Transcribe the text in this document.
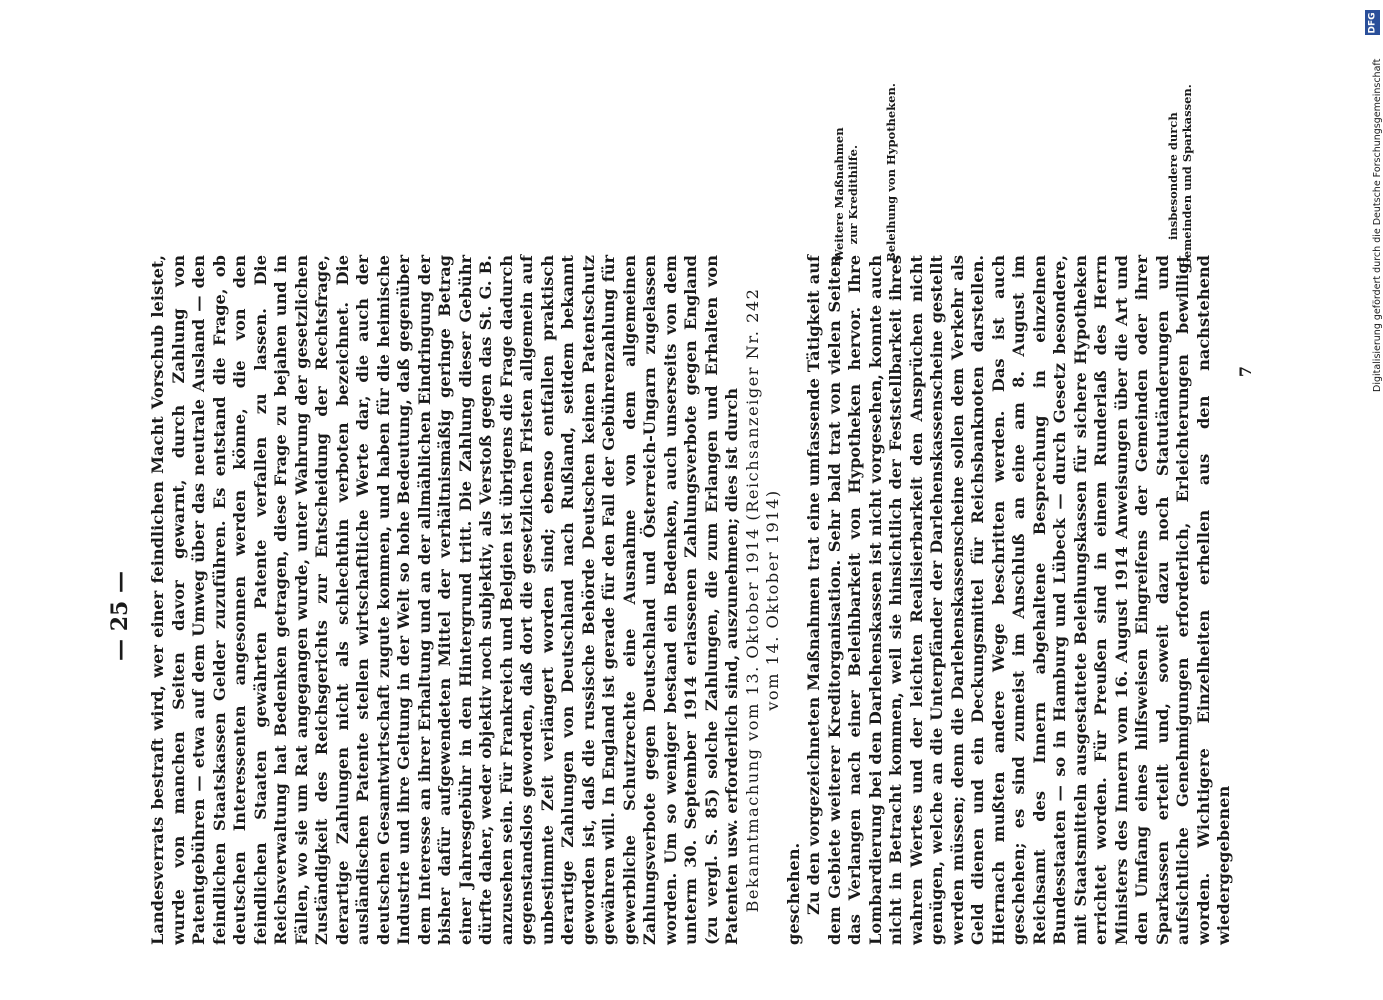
— 25 — Landesverrats bestraft wird, wer einer feindlichen Macht Vorschub leistet, wurde von manchen Seiten davor gewarnt, durch Zahlung von Patentgebühren — etwa auf dem Umweg über das neutrale Ausland — den feindlichen Staatskassen Gelder zuzuführen. Es entstand die Frage, ob deutschen Interessenten angesonnen werden könne, die von den feindlichen Staaten gewährten Patente verfallen zu lassen. Die Reichsverwaltung hat Bedenken getragen, diese Frage zu bejahen und in Fällen, wo sie um Rat angegangen wurde, unter Wahrung der gesetzlichen Zuständigkeit des Reichsgerichts zur Entscheidung der Rechtsfrage, derartige Zahlungen nicht als schlechthin verboten bezeichnet. Die ausländischen Patente stellen wirtschaftliche Werte dar, die auch der deutschen Gesamtwirtschaft zugute kommen, und haben für die heimische Industrie und ihre Geltung in der Welt so hohe Bedeutung, daß gegenüber dem Interesse an ihrer Erhaltung und an der allmählichen Eindringung der bisher dafür aufgewendeten Mittel der verhältnismäßig geringe Betrag einer Jahresgebühr in den Hintergrund tritt. Die Zahlung dieser Gebühr dürfte daher, weder objektiv noch subjektiv, als Verstoß gegen das St. G. B. anzusehen sein. Für Frankreich und Belgien ist übrigens die Frage dadurch gegenstandslos geworden, daß dort die gesetzlichen Fristen allgemein auf unbestimmte Zeit verlängert worden sind; ebenso entfallen praktisch derartige Zahlungen von Deutschland nach Rußland, seitdem bekannt geworden ist, daß die russische Behörde Deutschen keinen Patentschutz gewähren will. In England ist gerade für den Fall der Gebührenzahlung für gewerbliche Schutzrechte eine Ausnahme von dem allgemeinen Zahlungsverbote gegen Deutschland und Österreich-Ungarn zugelassen worden. Um so weniger bestand ein Bedenken, auch unserseits von dem unterm 30. September 1914 erlassenen Zahlungsverbote gegen England (zu vergl. S. 85) solche Zahlungen, die zum Erlangen und Erhalten von Patenten usw. erforderlich sind, auszunehmen; dies ist durch Bekanntmachung vom 13. Oktober 1914 (Reichsanzeiger Nr. 242 vom 14. Oktober 1914)

geschehen. Zu den vorgezeichneten Maßnahmen trat eine umfassende Tätigkeit auf dem Gebiete weiterer Kreditorganisation. Sehr bald trat von vielen Seiten das Verlangen nach einer Beleihbarkeit von Hypotheken hervor. Ihre Lombardierung bei den Darlehenskassen ist nicht vorgesehen, konnte auch nicht in Betracht kommen, weil sie hinsichtlich der Feststellbarkeit ihres wahren Wertes und der leichten Realisierbarkeit den Ansprüchen nicht genügen, welche an die Unterpfänder der Darlehenskassenscheine gestellt werden müssen; denn die Darlehenskassenscheine sollen dem Verkehr als Geld dienen und ein Deckungsmittel für Reichsbanknoten darstellen. Hiernach mußten andere Wege beschritten werden. Das ist auch geschehen; es sind zumeist im Anschluß an eine am 8. August im Reichsamt des Innern abgehaltene Besprechung in einzelnen Bundesstaaten — so in Hamburg und Lübeck — durch Gesetz besondere, mit Staatsmitteln ausgestattete Beleihungskassen für sichere Hypotheken errichtet worden. Für Preußen sind in einem Runderlaß des Herrn Ministers des Innern vom 16. August 1914 Anweisungen über die Art und den Umfang eines hilfsweisen Eingreifens der Gemeinden oder ihrer Sparkassen erteilt und, soweit dazu noch Statutänderungen und aufsichtliche Genehmigungen erforderlich, Erleichterungen bewilligt worden. Wichtigere Einzelheiten erhellen aus den nachstehend wiedergegebenen

Weitere Maßnahmen zur Kredithilfe. Beleihung von Hypotheken.	insbesondere durch Gemeinden und Sparkassen.
7	Digitalisierung gefördert durch die Deutsche Forschungsgemeinschaft
DFG
